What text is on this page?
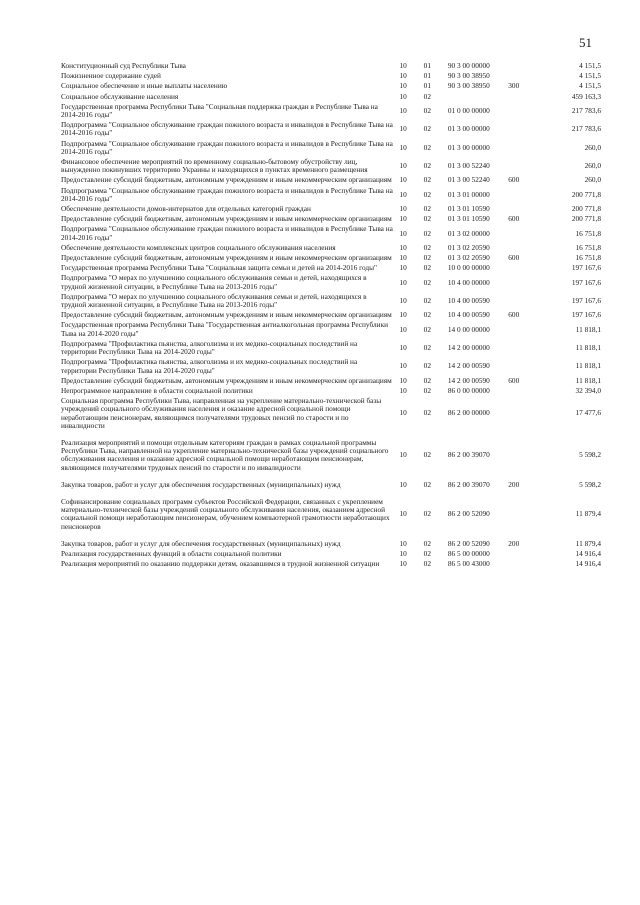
51
Конституционный суд Республики Тыва	10	01	90 3 00 00000		4 151,5
Пожизненное содержание судей	10	01	90 3 00 38950		4 151,5
Социальное обеспечение и иные выплаты населению	10	01	90 3 00 38950	300	4 151,5
Социальное обслуживание населения	10	02			459 163,3
Государственная программа Республики Тыва "Социальная поддержка граждан в Республике Тыва на 2014-2016 годы"	10	02	01 0 00 00000		217 783,6
Подпрограмма "Социальное обслуживание граждан пожилого возраста и инвалидов в Республике Тыва на 2014-2016 годы"	10	02	01 3 00 00000		217 783,6
Подпрограмма "Социальное обслуживание граждан пожилого возраста и инвалидов в Республике Тыва на 2014-2016 годы"	10	02	01 3 00 00000		260,0
Финансовое обеспечение мероприятий по временному социально-бытовому обустройству лиц, вынужденно покинувших территорию Украины и находящихся в пунктах временного размещения	10	02	01 3 00 52240		260,0
Предоставление субсидий бюджетным, автономным учреждениям и иным некоммерческим организациям	10	02	01 3 00 52240	600	260,0
Подпрограмма "Социальное обслуживание граждан пожилого возраста и инвалидов в Республике Тыва на 2014-2016 годы"	10	02	01 3 01 00000		200 771,8
Обеспечение деятельности домов-интернатов для отдельных категорий граждан	10	02	01 3 01 10590		200 771,8
Предоставление субсидий бюджетным, автономным учреждениям и иным некоммерческим организациям	10	02	01 3 01 10590	600	200 771,8
Подпрограмма "Социальное обслуживание граждан пожилого возраста и инвалидов в Республике Тыва на 2014-2016 годы"	10	02	01 3 02 00000		16 751,8
Обеспечение деятельности комплексных центров социального обслуживания населения	10	02	01 3 02 20590		16 751,8
Предоставление субсидий бюджетным, автономным учреждениям и иным некоммерческим организациям	10	02	01 3 02 20590	600	16 751,8
Государственная программа Республики Тыва "Социальная защита семьи и детей на 2014-2016 годы"	10	02	10 0 00 00000		197 167,6
Подпрограмма "О мерах по улучшению социального обслуживания семьи и детей, находящихся в трудной жизненной ситуации, в Республике Тыва на 2013-2016 годы"	10	02	10 4 00 00000		197 167,6
Подпрограмма "О мерах по улучшению социального обслуживания семьи и детей, находящихся в трудной жизненной ситуации, в Республике Тыва на 2013-2016 годы"	10	02	10 4 00 00590		197 167,6
Предоставление субсидий бюджетным, автономным учреждениям и иным некоммерческим организациям	10	02	10 4 00 00590	600	197 167,6
Государственная программа Республики Тыва "Государственная антиалкогольная программа Республики Тыва на 2014-2020 годы"	10	02	14 0 00 00000		11 818,1
Подпрограмма "Профилактика пьянства, алкоголизма и их медико-социальных последствий на территории Республики Тыва на 2014-2020 годы"	10	02	14 2 00 00000		11 818,1
Подпрограмма "Профилактика пьянства, алкоголизма и их медико-социальных последствий на территории Республики Тыва на 2014-2020 годы"	10	02	14 2 00 00590		11 818,1
Предоставление субсидий бюджетным, автономным учреждениям и иным некоммерческим организациям	10	02	14 2 00 00590	600	11 818,1
Непрограммное направление в области социальной политики	10	02	86 0 00 00000		32 394,0
Социальная программа Республики Тыва, направленная на укрепление материально-технической базы учреждений социального обслуживания населения и оказание адресной социальной помощи неработающим пенсионерам, являющимся получателями трудовых пенсий по старости и по инвалидности	10	02	86 2 00 00000		17 477,6
Реализация мероприятий и помощи отдельным категориям граждан в рамках социальной программы Республики Тыва, направленной на укрепление материально-технической базы учреждений социального обслуживания населения и оказание адресной социальной помощи неработающим пенсионерам, являющимся получателями трудовых пенсий по старости и по инвалидности	10	02	86 2 00 39070		5 598,2
Закупка товаров, работ и услуг для обеспечения государственных (муниципальных) нужд	10	02	86 2 00 39070	200	5 598,2
Софинансирование социальных программ субъектов Российской Федерации, связанных с укреплением материально-технической базы учреждений социального обслуживания населения, оказанием адресной социальной помощи неработающим пенсионерам, обучением компьютерной грамотности неработающих пенсионеров	10	02	86 2 00 52090		11 879,4
Закупка товаров, работ и услуг для обеспечения государственных (муниципальных) нужд	10	02	86 2 00 52090	200	11 879,4
Реализация государственных функций в области социальной политики	10	02	86 5 00 00000		14 916,4
Реализация мероприятий по оказанию поддержки детям, оказавшимся в трудной жизненной ситуации	10	02	86 5 00 43000		14 916,4
